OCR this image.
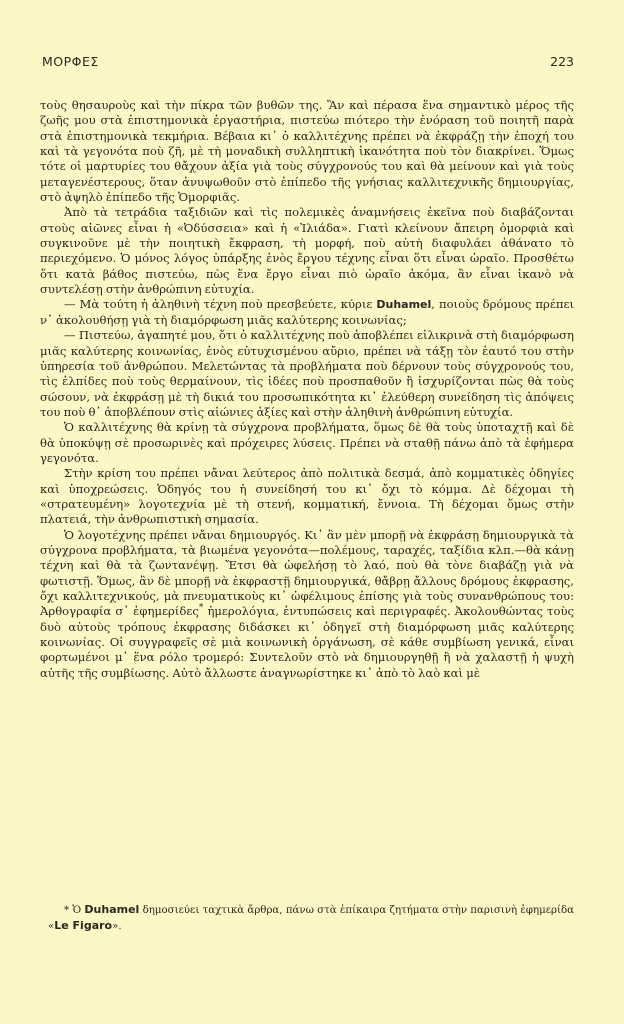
ΜΟΡΦΕΣ	223

τοὺς θησαυροὺς καὶ τὴν πίκρα τῶν βυθῶν της. Ἂν καὶ πέρασα ἕνα σημαντικὸ μέρος τῆς ζωῆς μου στὰ ἐπιστημονικὰ ἐργαστήρια, πιστεύω πιότερο τὴν ἐνόραση τοῦ ποιητῆ παρὰ στὰ ἐπιστημονικὰ τεκμήρια. Βέβαια κι᾽ ὁ καλλιτέχνης πρέπει νὰ ἐκφράζῃ τὴν ἐποχή του καὶ τὰ γεγονότα ποὺ ζῆ, μὲ τὴ μοναδικὴ συλληπτικὴ ἱκανότητα ποὺ τὸν διακρίνει. Ὅμως τότε οἱ μαρτυρίες του θἄχουν ἀξία γιὰ τοὺς σύγχρονούς του καὶ θὰ μείνουν καὶ γιὰ τοὺς μεταγενέστερους, ὅταν ἀνυψωθοῦν στὸ ἐπίπεδο τῆς γνήσιας καλλιτεχνικῆς δημιουργίας, στὸ ἀψηλὸ ἐπίπεδο τῆς Ὁμορφιᾶς.

Ἀπὸ τὰ τετράδια ταξιδιῶν καὶ τὶς πολεμικὲς ἀναμνήσεις ἐκεῖνα ποὺ διαβάζονται στοὺς αἰῶνες εἶναι ἡ «Ὀδύσσεια» καὶ ἡ «Ἰλιάδα». Γιατὶ κλείνουν ἄπειρη ὁμορφιὰ καὶ συγκινοῦνε μὲ τὴν ποιητικὴ ἔκφραση, τὴ μορφή, ποὺ αὐτὴ διαφυλάει ἀθάνατο τὸ περιεχόμενο. Ὁ μόνος λόγος ὑπάρξης ἑνὸς ἔργου τέχνης εἶναι ὅτι εἶναι ὡραῖο. Προσθέτω ὅτι κατὰ βάθος πιστεύω, πὼς ἕνα ἔργο εἶναι πιὸ ὡραῖο ἀκόμα, ἂν εἶναι ἱκανὸ νὰ συντελέσῃ στὴν ἀνθρώπινη εὐτυχία.

— Μὰ τούτη ἡ ἀληθινὴ τέχνη ποὺ πρεσβεύετε, κύριε Duhamel, ποιοὺς δρόμους πρέπει ν᾽ ἀκολουθήσῃ γιὰ τὴ διαμόρφωση μιᾶς καλύτερης κοινωνίας;

— Πιστεύω, ἀγαπητέ μου, ὅτι ὁ καλλιτέχνης ποὺ ἀποβλέπει εἰλικρινὰ στὴ διαμόρφωση μιᾶς καλύτερης κοινωνίας, ἑνὸς εὐτυχισμένου αὔριο, πρέπει νὰ τάξῃ τὸν ἑαυτό του στὴν ὑπηρεσία τοῦ ἀνθρώπου. Μελετώντας τὰ προβλήματα ποὺ δέρνουν τοὺς σύγχρονούς του, τὶς ἐλπίδες ποὺ τοὺς θερμαίνουν, τὶς ἰδέες ποὺ προσπαθοῦν ἢ ἰσχυρίζονται πὼς θὰ τοὺς σώσουν, νὰ ἐκφράσῃ μὲ τὴ δικιά του προσωπικότητα κι᾽ ἐλεύθερη συνείδηση τὶς ἀπόψεις του ποὺ θ᾽ ἀποβλέπουν στὶς αἰώνιες ἀξίες καὶ στὴν ἀληθινὴ ἀνθρώπινη εὐτυχία.

Ὁ καλλιτέχνης θὰ κρίνῃ τὰ σύγχρονα προβλήματα, ὅμως δὲ θὰ τοὺς ὑποταχτῇ καὶ δὲ θὰ ὑποκύψῃ σὲ προσωρινὲς καὶ πρόχειρες λύσεις. Πρέπει νὰ σταθῇ πάνω ἀπὸ τὰ ἐφήμερα γεγονότα.

Στὴν κρίση του πρέπει νἄναι λεύτερος ἀπὸ πολιτικὰ δεσμά, ἀπὸ κομματικὲς ὁδηγίες καὶ ὑποχρεώσεις. Ὁδηγός του ἡ συνείδησή του κι᾽ ὄχι τὸ κόμμα. Δὲ δέχομαι τὴ «στρατευμένη» λογοτεχνία μὲ τὴ στενή, κομματική, ἔννοια. Τὴ δέχομαι ὅμως στὴν πλατειά, τὴν ἀνθρωπιστικὴ σημασία.

Ὁ λογοτέχνης πρέπει νἄναι δημιουργός. Κι᾽ ἂν μὲν μπορῇ νὰ ἐκφράσῃ δημιουργικὰ τὰ σύγχρονα προβλήματα, τὰ βιωμένα γεγονότα—πολέμους, ταραχές, ταξίδια κλπ.—θὰ κάνῃ τέχνη καὶ θὰ τὰ ζωντανέψῃ. Ἔτσι θὰ ὠφελήσῃ τὸ λαό, ποὺ θὰ τὸνε διαβάζῃ γιὰ νὰ φωτιστῇ. Ὅμως, ἂν δὲ μπορῇ νὰ ἐκφραστῇ δημιουργικά, θἄβρῃ ἄλλους δρόμους ἐκφρασης, ὄχι καλλιτεχνικούς, μὰ πνευματικοὺς κι᾽ ὠφέλιμους ἐπίσης γιὰ τοὺς συνανθρώπους του: Ἀρθογραφία σ᾽ ἐφημερίδες* ἡμερολόγια, ἐντυπώσεις καὶ περιγραφές. Ἀκολουθώντας τοὺς δυὸ αὐτοὺς τρόπους ἐκφρασης διδάσκει κι᾽ ὁδηγεῖ στὴ διαμόρφωση μιᾶς καλύτερης κοινωνίας. Οἱ συγγραφεῖς σὲ μιὰ κοινωνικὴ ὀργάνωση, σὲ κάθε συμβίωση γενικά, εἶναι φορτωμένοι μ᾽ ἕνα ρόλο τρομερό: Συντελοῦν στὸ νὰ δημιουργηθῇ ἢ νὰ χαλαστῇ ἡ ψυχὴ αὐτῆς τῆς συμβίωσης. Αὐτὸ ἄλλωστε ἀναγνωρίστηκε κι᾽ ἀπὸ τὸ λαὸ καὶ μὲ

* Ὁ Duhamel δημοσιεύει ταχτικὰ ἄρθρα, πάνω στὰ ἐπίκαιρα ζητήματα στὴν παρισινὴ ἐφημερίδα «Le Figaro».
